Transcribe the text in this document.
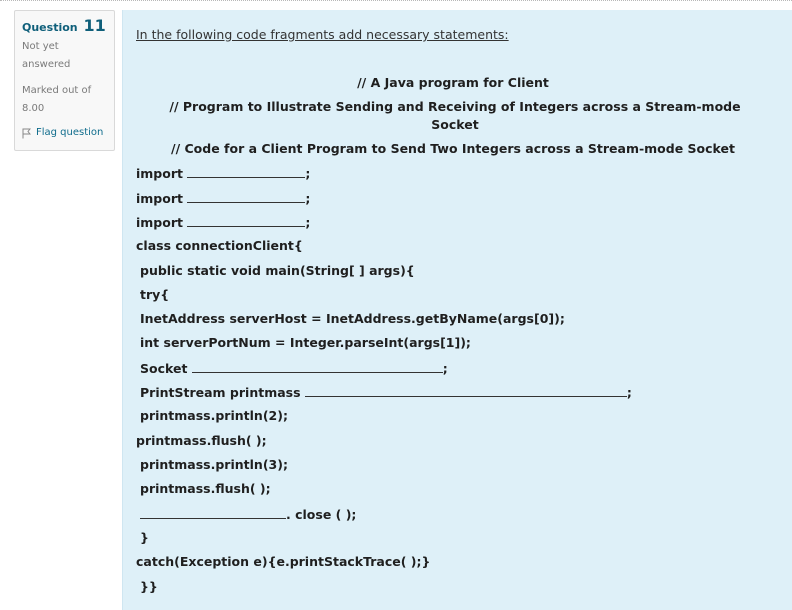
Question 11
Not yet answered
Marked out of 8.00
Flag question
In the following code fragments add necessary statements:
// A Java program for Client
// Program to Illustrate Sending and Receiving of Integers across a Stream-mode Socket
// Code for a Client Program to Send Two Integers across a Stream-mode Socket
import	;
import	;
import	;
class connectionClient{
public static void main(String[ ] args){
try{
InetAddress serverHost = InetAddress.getByName(args[0]);
int serverPortNum = Integer.parseInt(args[1]);
Socket	;
PrintStream printmass	;
printmass.println(2);
printmass.flush( );
printmass.println(3);
printmass.flush( );
. close ( );
}
catch(Exception e){e.printStackTrace( );}
}}
